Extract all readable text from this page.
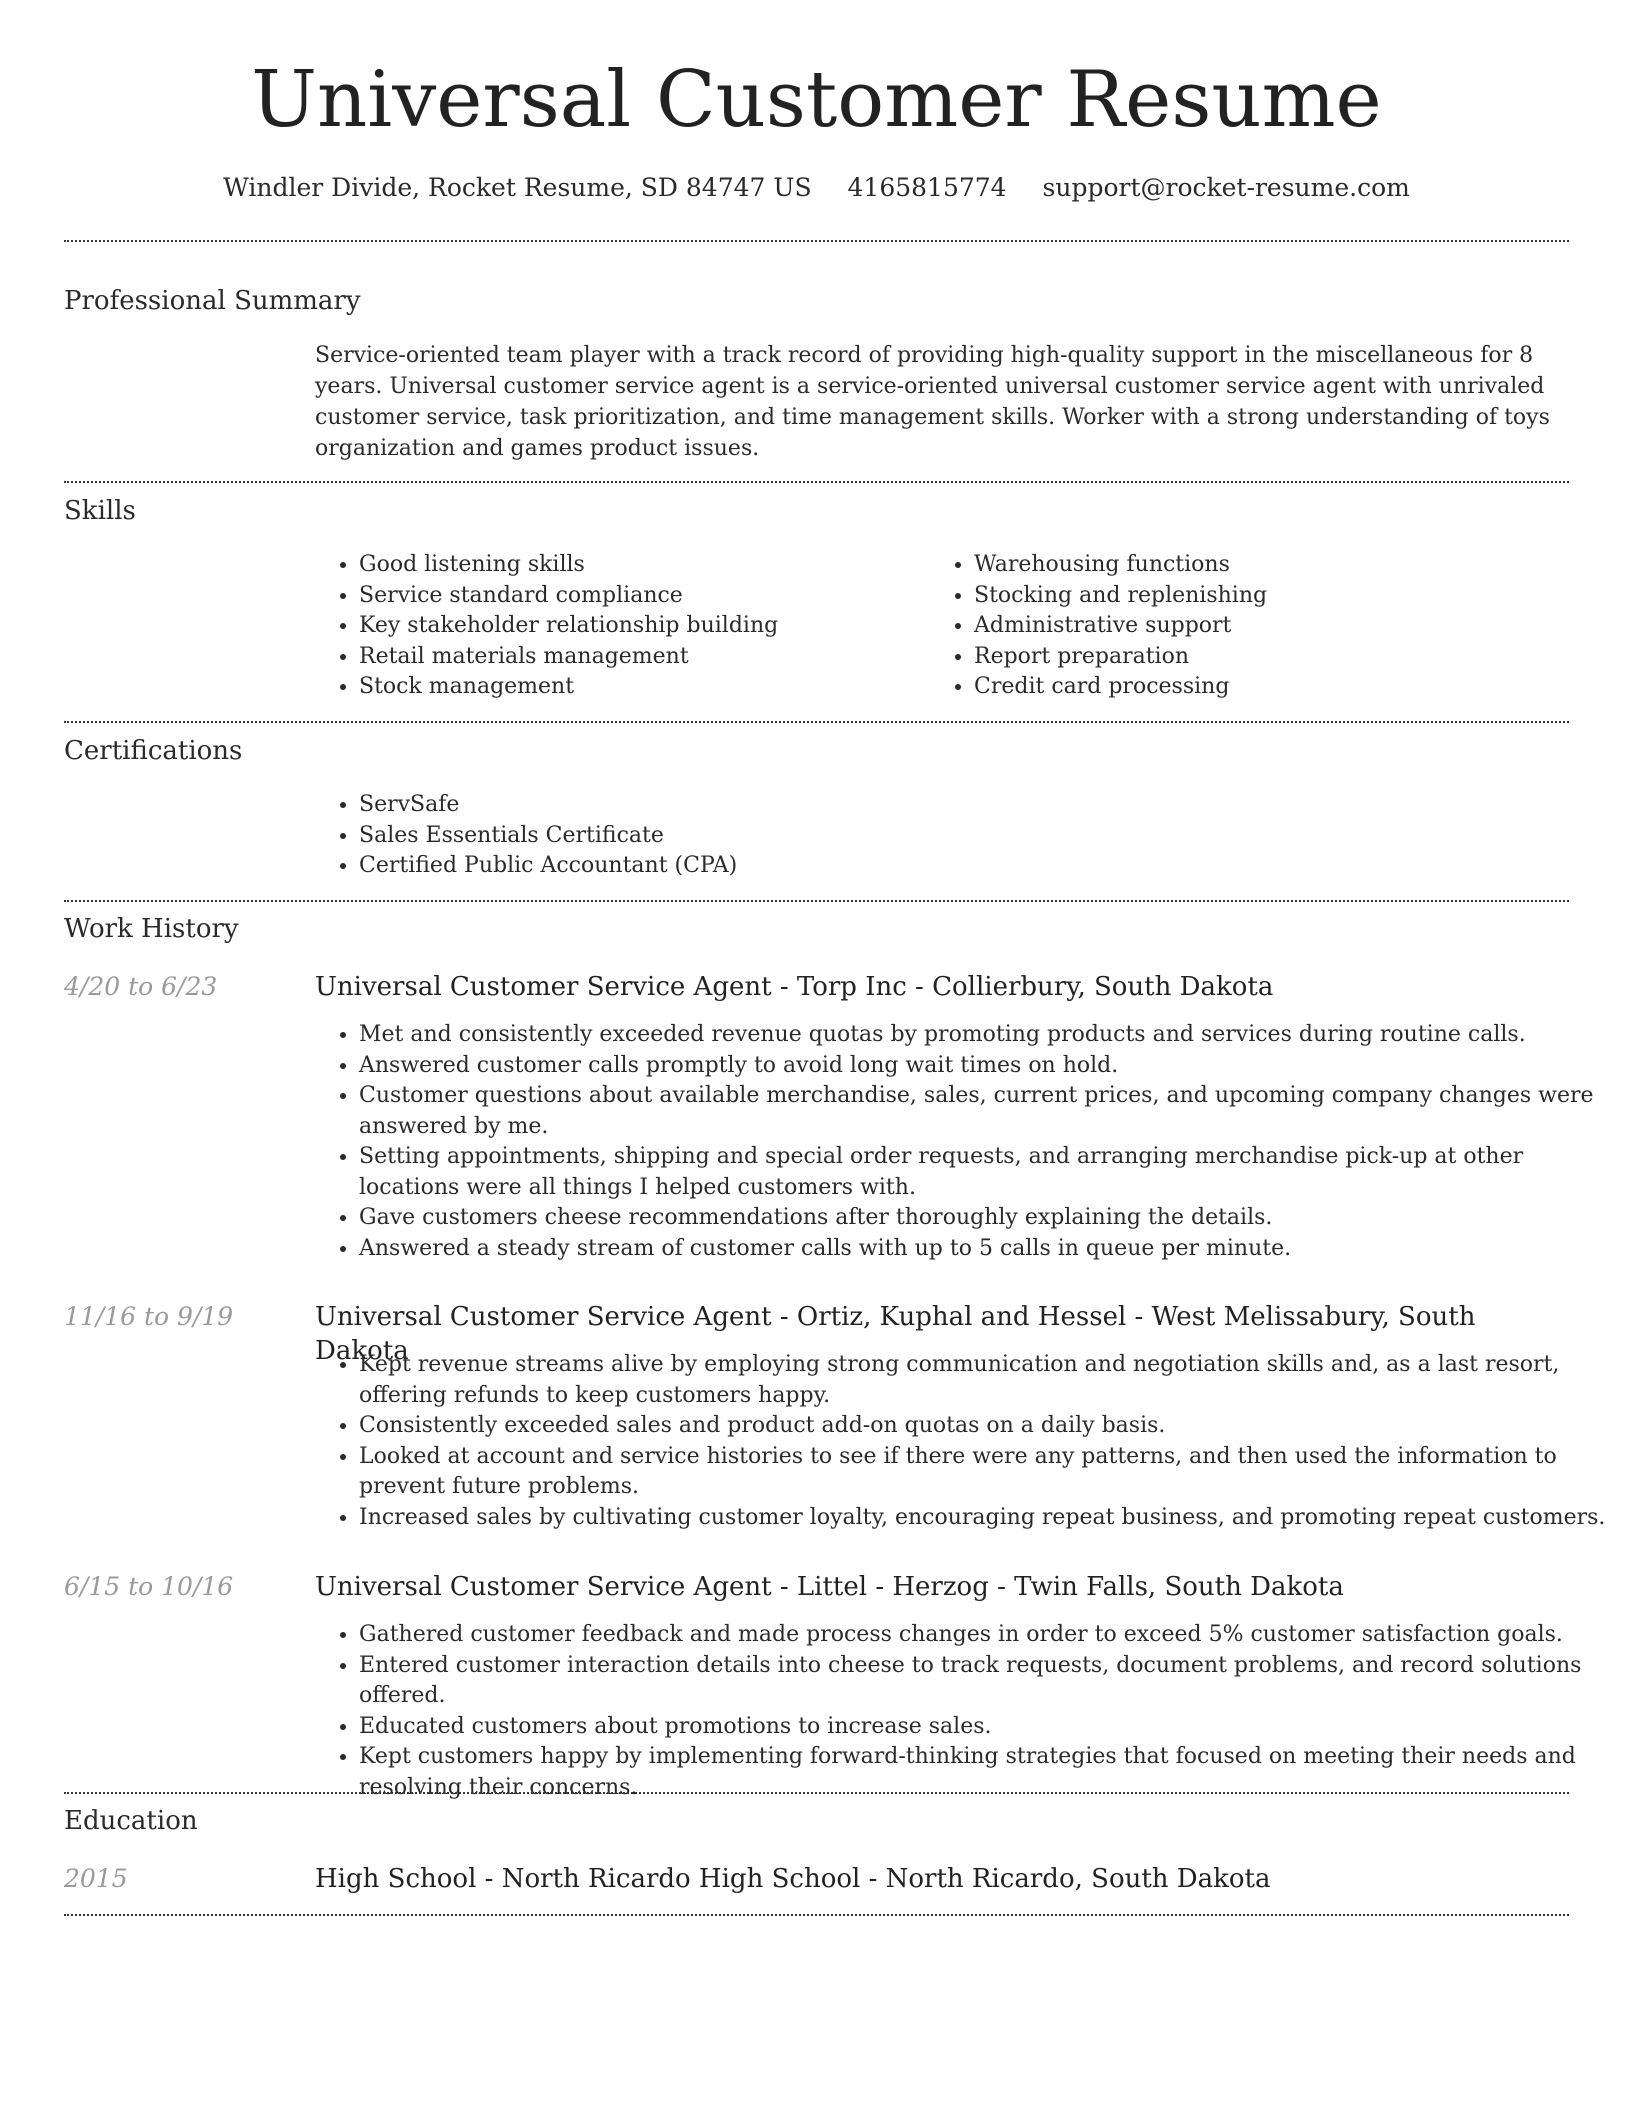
Universal Customer Resume
Windler Divide, Rocket Resume, SD 84747 US 4165815774 support@rocket-resume.com
Professional Summary

Service-oriented team player with a track record of providing high-quality support in the miscellaneous for 8 years. Universal customer service agent is a service-oriented universal customer service agent with unrivaled customer service, task prioritization, and time management skills. Worker with a strong understanding of toys organization and games product issues.

Skills
• Good listening skills
• Service standard compliance
• Key stakeholder relationship building
• Retail materials management
• Stock management
• Warehousing functions
• Stocking and replenishing
• Administrative support
• Report preparation
• Credit card processing
Certifications
• ServSafe
• Sales Essentials Certificate
• Certified Public Accountant (CPA)
Work History
4/20 to 6/23	Universal Customer Service Agent - Torp Inc - Collierbury, South Dakota
• Met and consistently exceeded revenue quotas by promoting products and services during routine calls.
• Answered customer calls promptly to avoid long wait times on hold.
• Customer questions about available merchandise, sales, current prices, and upcoming company changes were answered by me.
• Setting appointments, shipping and special order requests, and arranging merchandise pick-up at other locations were all things I helped customers with.
• Gave customers cheese recommendations after thoroughly explaining the details.
• Answered a steady stream of customer calls with up to 5 calls in queue per minute.
11/16 to 9/19	Universal Customer Service Agent - Ortiz, Kuphal and Hessel - West Melissabury, South Dakota
• Kept revenue streams alive by employing strong communication and negotiation skills and, as a last resort, offering refunds to keep customers happy.
• Consistently exceeded sales and product add-on quotas on a daily basis.
• Looked at account and service histories to see if there were any patterns, and then used the information to prevent future problems.
• Increased sales by cultivating customer loyalty, encouraging repeat business, and promoting repeat customers.
6/15 to 10/16	Universal Customer Service Agent - Littel - Herzog - Twin Falls, South Dakota
• Gathered customer feedback and made process changes in order to exceed 5% customer satisfaction goals.
• Entered customer interaction details into cheese to track requests, document problems, and record solutions offered.
• Educated customers about promotions to increase sales.
• Kept customers happy by implementing forward-thinking strategies that focused on meeting their needs and resolving their concerns.
Education
2015	High School - North Ricardo High School - North Ricardo, South Dakota
